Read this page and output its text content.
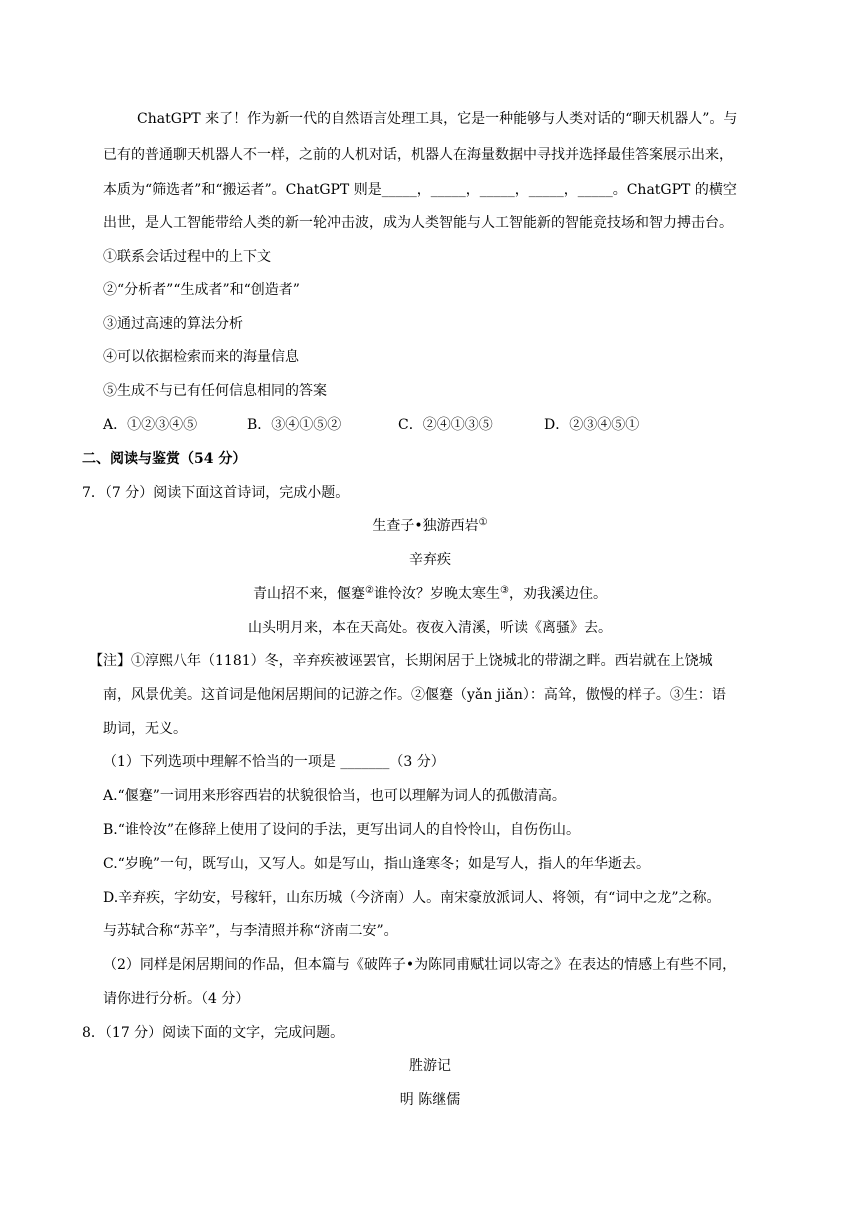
ChatGPT 来了！作为新一代的自然语言处理工具，它是一种能够与人类对话的“聊天机器人”。与
已有的普通聊天机器人不一样，之前的人机对话，机器人在海量数据中寻找并选择最佳答案展示出来，
本质为“筛选者”和“搬运者”。ChatGPT 则是_____，_____，_____，_____，_____。ChatGPT 的横空
出世，是人工智能带给人类的新一轮冲击波，成为人类智能与人工智能新的智能竞技场和智力搏击台。
①联系会话过程中的上下文
②“分析者”“生成者”和“创造者”
③通过高速的算法分析
④可以依据检索而来的海量信息
⑤生成不与已有任何信息相同的答案
A．①②③④⑤	B．③④①⑤②	C．②④①③⑤	D．②③④⑤①
二、阅读与鉴赏（54 分）
7．（7 分）阅读下面这首诗词，完成小题。
生查子•独游西岩①
辛弃疾
青山招不来，偃蹇②谁怜汝？岁晚太寒生③，劝我溪边住。
山头明月来，本在天高处。夜夜入清溪，听读《离骚》去。
【注】①淳熙八年（1181）冬，辛弃疾被诬罢官，长期闲居于上饶城北的带湖之畔。西岩就在上饶城
南，风景优美。这首词是他闲居期间的记游之作。②偃蹇（yǎn jiǎn）：高耸，傲慢的样子。③生：语
助词，无义。
（1）下列选项中理解不恰当的一项是 _______（3 分）
A.“偃蹇”一词用来形容西岩的状貌很恰当，也可以理解为词人的孤傲清高。
B.“谁怜汝”在修辞上使用了设问的手法，更写出词人的自怜怜山，自伤伤山。
C.“岁晚”一句，既写山，又写人。如是写山，指山逢寒冬；如是写人，指人的年华逝去。
D.辛弃疾，字幼安，号稼轩，山东历城（今济南）人。南宋豪放派词人、将领，有“词中之龙”之称。
与苏轼合称“苏辛”，与李清照并称“济南二安”。
（2）同样是闲居期间的作品，但本篇与《破阵子•为陈同甫赋壮词以寄之》在表达的情感上有些不同，
请你进行分析。（4 分）
8．（17 分）阅读下面的文字，完成问题。
胜游记
明 陈继儒
